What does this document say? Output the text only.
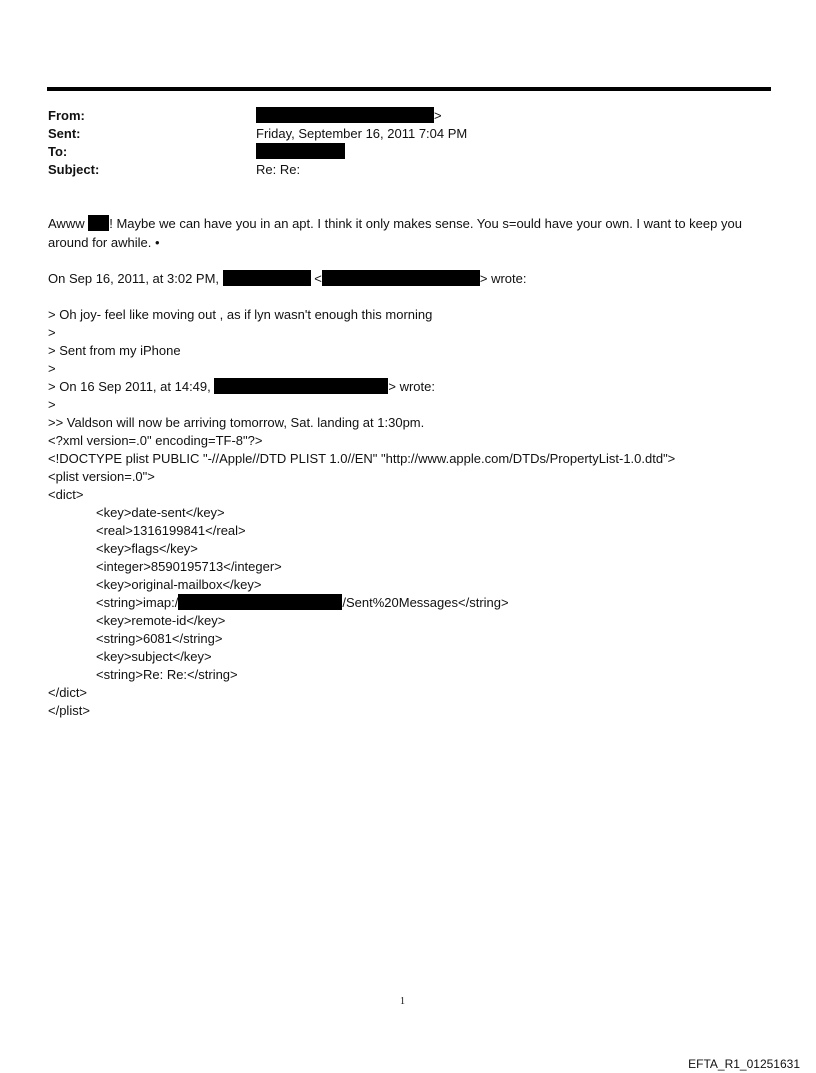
From:	>
Sent:	Friday, September 16, 2011 7:04 PM
To:
Subject:	Re: Re:
Awww ! Maybe we can have you in an apt. I think it only makes sense. You s=ould have your own. I want to keep you
around for awhile. •
On Sep 16, 2011, at 3:02 PM,	<	> wrote:
> Oh joy- feel like moving out , as if lyn wasn't enough this morning
>
> Sent from my iPhone
>
> On 16 Sep 2011, at 14:49,	> wrote:
>
>> Valdson will now be arriving tomorrow, Sat. landing at 1:30pm.
<?xml version=.0" encoding=TF-8"?>
<!DOCTYPE plist PUBLIC "-//Apple//DTD PLIST 1.0//EN" "http://www.apple.com/DTDs/PropertyList-1.0.dtd">
<plist version=.0">
<dict>
<key>date-sent</key>
<real>1316199841</real>
<key>flags</key>
<integer>8590195713</integer>
<key>original-mailbox</key>
<string>imap:/	/Sent%20Messages</string>
<key>remote-id</key>
<string>6081</string>
<key>subject</key>
<string>Re: Re:</string>
</dict>
</plist>
1
EFTA_R1_01251631
